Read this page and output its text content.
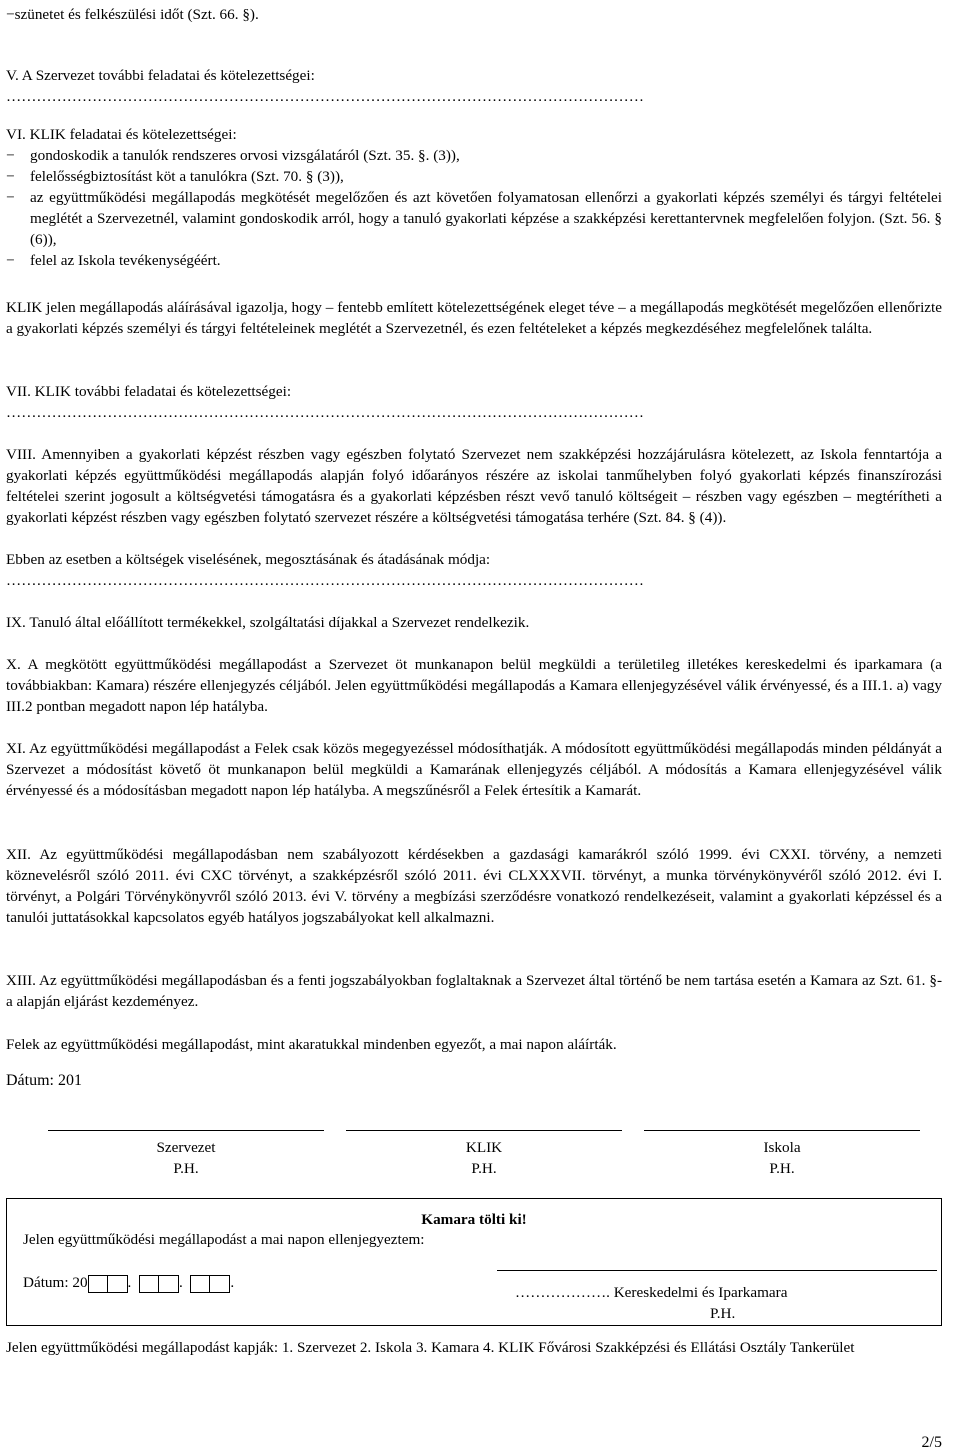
−szünetet és felkészülési időt (Szt. 66. §).

V. A Szervezet további feladatai és kötelezettségei:

………………………………………………………………………………………………………………

VI. KLIK feladatai és kötelezettségei:

− gondoskodik a tanulók rendszeres orvosi vizsgálatáról (Szt. 35. §. (3)),
− felelősségbiztosítást köt a tanulókra (Szt. 70. § (3)),
− az együttműködési megállapodás megkötését megelőzően és azt követően folyamatosan ellenőrzi a gyakorlati képzés személyi és tárgyi feltételei meglétét a Szervezetnél, valamint gondoskodik arról, hogy a tanuló gyakorlati képzése a szakképzési kerettantervnek megfelelően folyjon. (Szt. 56. § (6)),
− felel az Iskola tevékenységéért.

KLIK jelen megállapodás aláírásával igazolja, hogy – fentebb említett kötelezettségének eleget téve – a megállapodás megkötését megelőzően ellenőrizte a gyakorlati képzés személyi és tárgyi feltételeinek meglétét a Szervezetnél, és ezen feltételeket a képzés megkezdéséhez megfelelőnek találta.

VII. KLIK további feladatai és kötelezettségei:

………………………………………………………………………………………………………………

VIII. Amennyiben a gyakorlati képzést részben vagy egészben folytató Szervezet nem szakképzési hozzájárulásra kötelezett, az Iskola fenntartója a gyakorlati képzés együttműködési megállapodás alapján folyó időarányos részére az iskolai tanműhelyben folyó gyakorlati képzés finanszírozási feltételei szerint jogosult a költségvetési támogatásra és a gyakorlati képzésben részt vevő tanuló költségeit – részben vagy egészben – megtérítheti a gyakorlati képzést részben vagy egészben folytató szervezet részére a költségvetési támogatása terhére (Szt. 84. § (4)).

Ebben az esetben a költségek viselésének, megosztásának és átadásának módja:

………………………………………………………………………………………………………………

IX. Tanuló által előállított termékekkel, szolgáltatási díjakkal a Szervezet rendelkezik.

X. A megkötött együttműködési megállapodást a Szervezet öt munkanapon belül megküldi a területileg illetékes kereskedelmi és iparkamara (a továbbiakban: Kamara) részére ellenjegyzés céljából. Jelen együttműködési megállapodás a Kamara ellenjegyzésével válik érvényessé, és a III.1. a) vagy III.2 pontban megadott napon lép hatályba.

XI. Az együttműködési megállapodást a Felek csak közös megegyezéssel módosíthatják. A módosított együttműködési megállapodás minden példányát a Szervezet a módosítást követő öt munkanapon belül megküldi a Kamarának ellenjegyzés céljából. A módosítás a Kamara ellenjegyzésével válik érvényessé és a módosításban megadott napon lép hatályba. A megszűnésről a Felek értesítik a Kamarát.

XII. Az együttműködési megállapodásban nem szabályozott kérdésekben a gazdasági kamarákról szóló 1999. évi CXXI. törvény, a nemzeti köznevelésről szóló 2011. évi CXC törvényt, a szakképzésről szóló 2011. évi CLXXXVII. törvényt, a munka törvénykönyvéről szóló 2012. évi I. törvényt, a Polgári Törvénykönyvről szóló 2013. évi V. törvény a megbízási szerződésre vonatkozó rendelkezéseit, valamint a gyakorlati képzéssel és a tanulói juttatásokkal kapcsolatos egyéb hatályos jogszabályokat kell alkalmazni.

XIII. Az együttműködési megállapodásban és a fenti jogszabályokban foglaltaknak a Szervezet által történő be nem tartása esetén a Kamara az Szt. 61. §-a alapján eljárást kezdeményez.

Felek az együttműködési megállapodást, mint akaratukkal mindenben egyezőt, a mai napon aláírták.

Dátum: 201

Szervezet

P.H.

KLIK

P.H.

Iskola

P.H.

Kamara tölti ki!

Jelen együttműködési megállapodást a mai napon ellenjegyeztem:

Dátum: 20	.	.	.

………………. Kereskedelmi és Iparkamara

P.H.

Jelen együttműködési megállapodást kapják: 1. Szervezet 2. Iskola 3. Kamara 4. KLIK Fővárosi Szakképzési és Ellátási Osztály Tankerület

2/5
